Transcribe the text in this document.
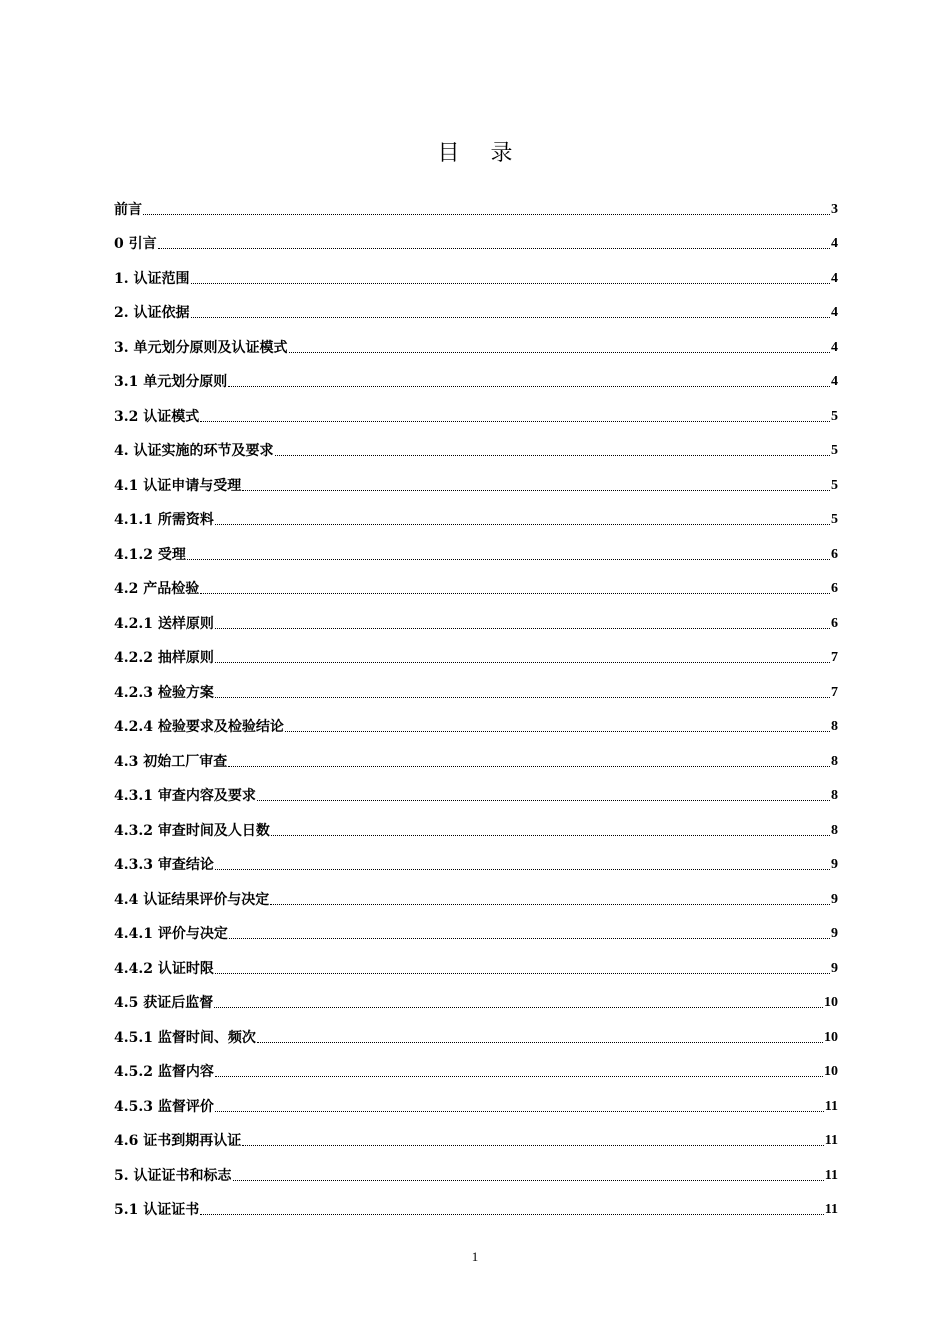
目 录
前言	3
0 引言	4
1. 认证范围	4
2. 认证依据	4
3. 单元划分原则及认证模式	4
3.1 单元划分原则	4
3.2 认证模式	5
4. 认证实施的环节及要求	5
4.1 认证申请与受理	5
4.1.1 所需资料	5
4.1.2 受理	6
4.2 产品检验	6
4.2.1 送样原则	6
4.2.2 抽样原则	7
4.2.3 检验方案	7
4.2.4 检验要求及检验结论	8
4.3 初始工厂审查	8
4.3.1 审查内容及要求	8
4.3.2 审查时间及人日数	8
4.3.3 审查结论	9
4.4 认证结果评价与决定	9
4.4.1 评价与决定	9
4.4.2 认证时限	9
4.5 获证后监督	10
4.5.1 监督时间、频次	10
4.5.2 监督内容	10
4.5.3 监督评价	11
4.6 证书到期再认证	11
5. 认证证书和标志	11
5.1 认证证书	11
1
